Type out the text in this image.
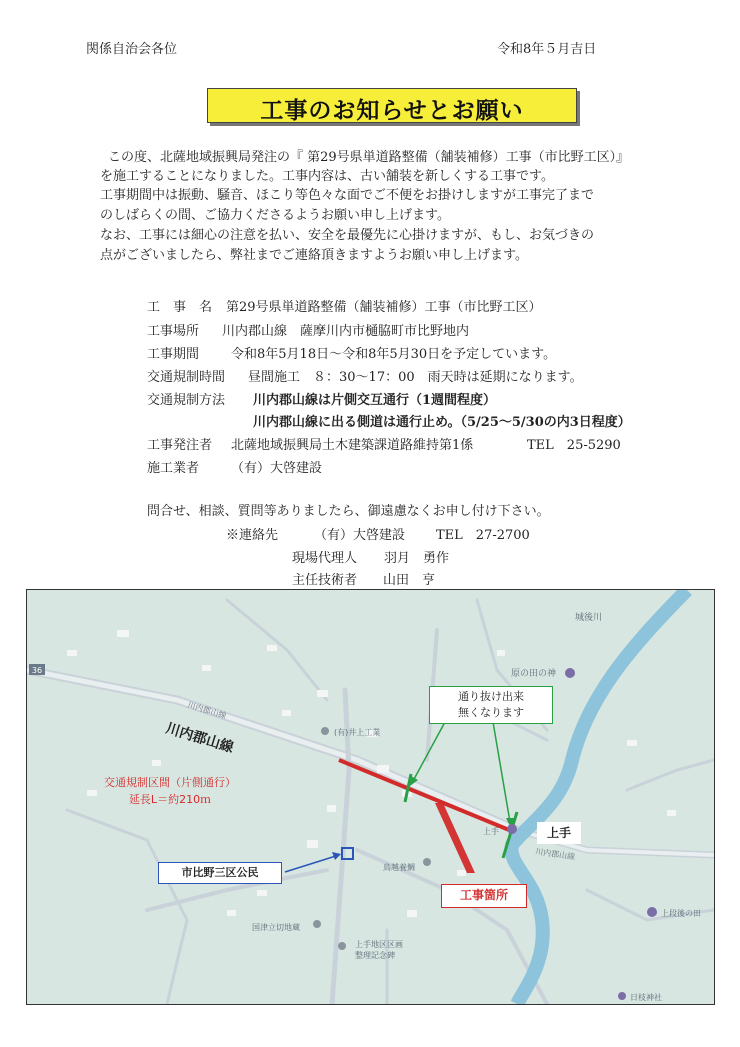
関係自治会各位	令和8年５月吉日
工事のお知らせとお願い
この度、北薩地域振興局発注の『 第29号県単道路整備（舗装補修）工事（市比野工区）』
を施工することになりました。工事内容は、古い舗装を新しくする工事です。
工事期間中は振動、騒音、ほこり等色々な面でご不便をお掛けしますが工事完了まで
のしばらくの間、ご協力くださるようお願い申し上げます。
なお、工事には細心の注意を払い、安全を最優先に心掛けますが、もし、お気づきの
点がございましたら、弊社までご連絡頂きますようお願い申し上げます。
工　事　名 第29号県単道路整備（舗装補修）工事（市比野工区）
工事場所 川内郡山線　薩摩川内市樋脇町市比野地内
工事期間 令和8年5月18日～令和8年5月30日を予定しています。
交通規制時間 昼間施工　８：30～17：00　雨天時は延期になります。
交通規制方法 川内郡山線は片側交互通行（1週間程度）
川内郡山線に出る側道は通行止め。（5/25～5/30の内3日程度）
工事発注者 北薩地域振興局土木建築課道路維持第1係	TEL　25-5290
施工業者 （有）大啓建設
問合せ、相談、質問等ありましたら、御遠慮なくお申し付け下さい。
※連絡先	（有）大啓建設 TEL　27-2700
現場代理人 羽月　勇作
主任技術者 山田　亨
36
城後川
原の田の神
川内郡山線
川内郡山線	(有)井上工業
上手
川内郡山線
鳥越養鯛
国津立切地蔵
上手地区区画
整理記念碑
上段後の田
日枝神社
通り抜け出来
無くなります
交通規制区間（片側通行）
延長L＝約210ｍ
上手
市比野三区公民
工事箇所
